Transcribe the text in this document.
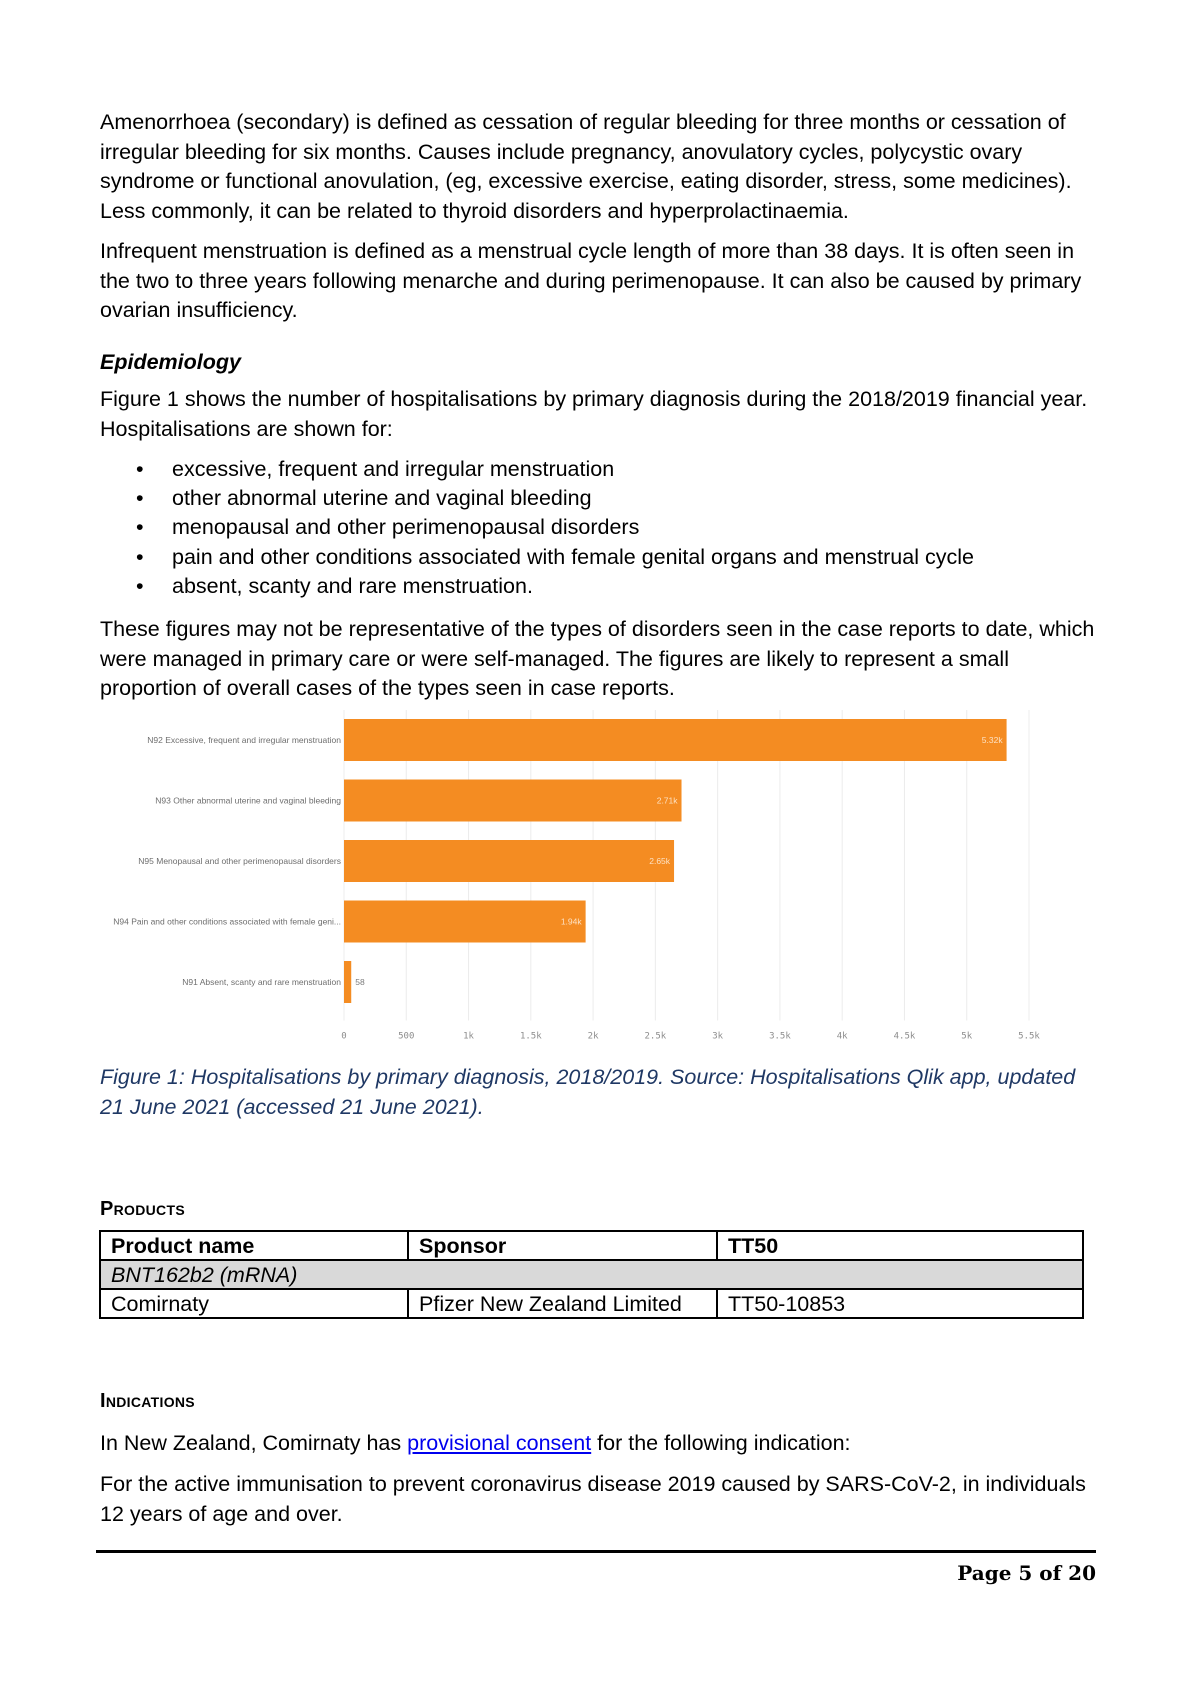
Amenorrhoea (secondary) is defined as cessation of regular bleeding for three months or cessation of irregular bleeding for six months. Causes include pregnancy, anovulatory cycles, polycystic ovary syndrome or functional anovulation, (eg, excessive exercise, eating disorder, stress, some medicines). Less commonly, it can be related to thyroid disorders and hyperprolactinaemia.

Infrequent menstruation is defined as a menstrual cycle length of more than 38 days. It is often seen in the two to three years following menarche and during perimenopause. It can also be caused by primary ovarian insufficiency.

Epidemiology

Figure 1 shows the number of hospitalisations by primary diagnosis during the 2018/2019 financial year. Hospitalisations are shown for:

• excessive, frequent and irregular menstruation
• other abnormal uterine and vaginal bleeding
• menopausal and other perimenopausal disorders
• pain and other conditions associated with female genital organs and menstrual cycle
• absent, scanty and rare menstruation.

These figures may not be representative of the types of disorders seen in the case reports to date, which were managed in primary care or were self-managed. The figures are likely to represent a small proportion of overall cases of the types seen in case reports.

N92 Excessive, frequent and irregular menstruation
N93 Other abnormal uterine and vaginal bleeding
N95 Menopausal and other perimenopausal disorders
N94 Pain and other conditions associated with female geni...
N91 Absent, scanty and rare menstruation
5.32k
2.71k
2.65k
1.94k
58
0	500	1k	1.5k	2k	2.5k	3k	3.5k	4k	4.5k	5k	5.5k

Figure 1: Hospitalisations by primary diagnosis, 2018/2019. Source: Hospitalisations Qlik app, updated 21 June 2021 (accessed 21 June 2021).

Products
Product name	Sponsor	TT50
BNT162b2 (mRNA)		
Comirnaty	Pfizer New Zealand Limited	TT50-10853
Indications

In New Zealand, Comirnaty has provisional consent for the following indication:

For the active immunisation to prevent coronavirus disease 2019 caused by SARS-CoV-2, in individuals 12 years of age and over.

Page 5 of 20
